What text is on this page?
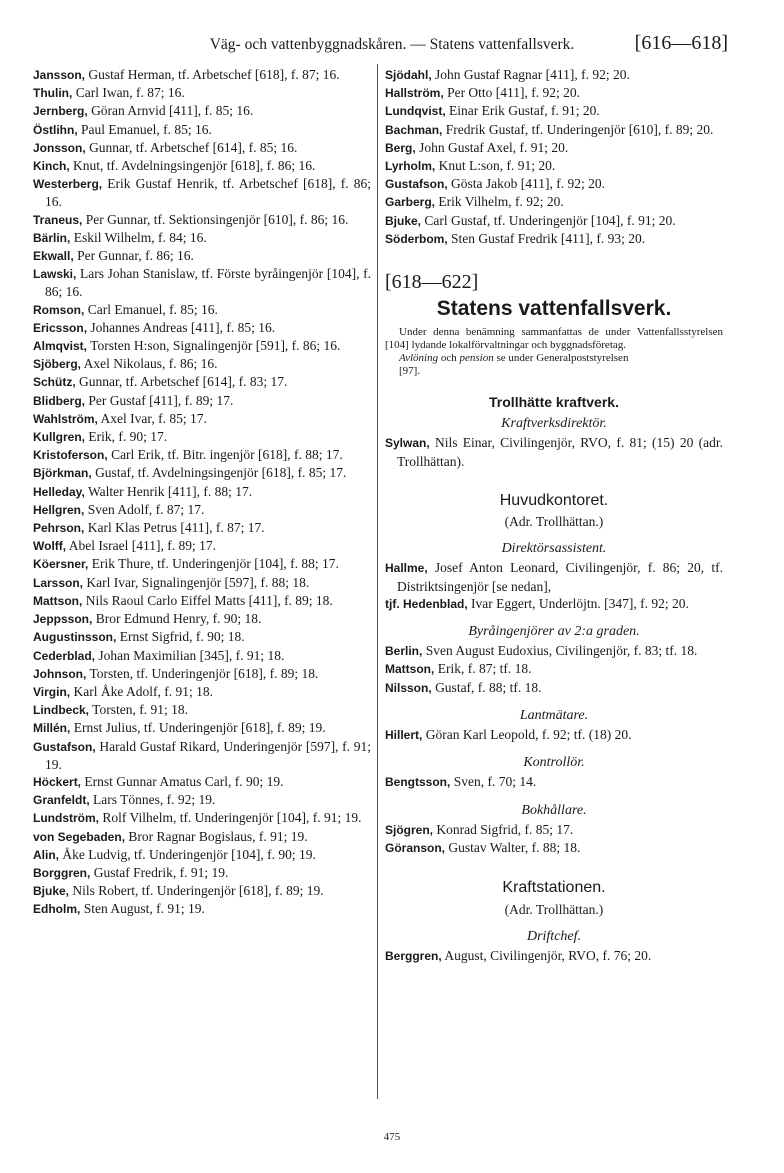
Väg- och vattenbyggnadskåren. — Statens vattenfallsverk.	[616—618]
Jansson, Gustaf Herman, tf. Arbetschef [618], f. 87; 16.
Thulin, Carl Iwan, f. 87; 16.
Jernberg, Göran Arnvid [411], f. 85; 16.
Östlihn, Paul Emanuel, f. 85; 16.
Jonsson, Gunnar, tf. Arbetschef [614], f. 85; 16.
Kinch, Knut, tf. Avdelningsingenjör [618], f. 86; 16.
Westerberg, Erik Gustaf Henrik, tf. Arbetschef [618], f. 86; 16.
Traneus, Per Gunnar, tf. Sektionsingenjör [610], f. 86; 16.
Bärlin, Eskil Wilhelm, f. 84; 16.
Ekwall, Per Gunnar, f. 86; 16.
Lawski, Lars Johan Stanislaw, tf. Förste byråingenjör [104], f. 86; 16.
Romson, Carl Emanuel, f. 85; 16.
Ericsson, Johannes Andreas [411], f. 85; 16.
Almqvist, Torsten H:son, Signalingenjör [591], f. 86; 16.
Sjöberg, Axel Nikolaus, f. 86; 16.
Schütz, Gunnar, tf. Arbetschef [614], f. 83; 17.
Blidberg, Per Gustaf [411], f. 89; 17.
Wahlström, Axel Ivar, f. 85; 17.
Kullgren, Erik, f. 90; 17.
Kristoferson, Carl Erik, tf. Bitr. ingenjör [618], f. 88; 17.
Björkman, Gustaf, tf. Avdelningsingenjör [618], f. 85; 17.
Helleday, Walter Henrik [411], f. 88; 17.
Hellgren, Sven Adolf, f. 87; 17.
Pehrson, Karl Klas Petrus [411], f. 87; 17.
Wolff, Abel Israel [411], f. 89; 17.
Köersner, Erik Thure, tf. Underingenjör [104], f. 88; 17.
Larsson, Karl Ivar, Signalingenjör [597], f. 88; 18.
Mattson, Nils Raoul Carlo Eiffel Matts [411], f. 89; 18.
Jeppsson, Bror Edmund Henry, f. 90; 18.
Augustinsson, Ernst Sigfrid, f. 90; 18.
Cederblad, Johan Maximilian [345], f. 91; 18.
Johnson, Torsten, tf. Underingenjör [618], f. 89; 18.
Virgin, Karl Åke Adolf, f. 91; 18.
Lindbeck, Torsten, f. 91; 18.
Millén, Ernst Julius, tf. Underingenjör [618], f. 89; 19.
Gustafson, Harald Gustaf Rikard, Underingenjör [597], f. 91; 19.
Höckert, Ernst Gunnar Amatus Carl, f. 90; 19.
Granfeldt, Lars Tönnes, f. 92; 19.
Lundström, Rolf Vilhelm, tf. Underingenjör [104], f. 91; 19.
von Segebaden, Bror Ragnar Bogislaus, f. 91; 19.
Alin, Åke Ludvig, tf. Underingenjör [104], f. 90; 19.
Borggren, Gustaf Fredrik, f. 91; 19.
Bjuke, Nils Robert, tf. Underingenjör [618], f. 89; 19.
Edholm, Sten August, f. 91; 19.
Sjödahl, John Gustaf Ragnar [411], f. 92; 20.
Hallström, Per Otto [411], f. 92; 20.
Lundqvist, Einar Erik Gustaf, f. 91; 20.
Bachman, Fredrik Gustaf, tf. Underingenjör [610], f. 89; 20.
Berg, John Gustaf Axel, f. 91; 20.
Lyrholm, Knut L:son, f. 91; 20.
Gustafson, Gösta Jakob [411], f. 92; 20.
Garberg, Erik Vilhelm, f. 92; 20.
Bjuke, Carl Gustaf, tf. Underingenjör [104], f. 91; 20.
Söderbom, Sten Gustaf Fredrik [411], f. 93; 20.
[618—622]
Statens vattenfallsverk.

Under denna benämning sammanfattas de under Vattenfallsstyrelsen [104] lydande lokalförvaltningar och byggnadsföretag.

Avlöning och pension se under Generalpoststyrelsen
[97].

Trollhätte kraftverk.
Kraftverksdirektör.
Sylwan, Nils Einar, Civilingenjör, RVO, f. 81; (15) 20 (adr. Trollhättan).
Huvudkontoret.
(Adr. Trollhättan.)
Direktörsassistent.
Hallme, Josef Anton Leonard, Civilingenjör, f. 86; 20, tf. Distriktsingenjör [se nedan],
tjf. Hedenblad, Ivar Eggert, Underlöjtn. [347], f. 92; 20.
Byråingenjörer av 2:a graden.
Berlin, Sven August Eudoxius, Civilingenjör, f. 83; tf. 18.
Mattson, Erik, f. 87; tf. 18.
Nilsson, Gustaf, f. 88; tf. 18.
Lantmätare.
Hillert, Göran Karl Leopold, f. 92; tf. (18) 20.
Kontrollör.
Bengtsson, Sven, f. 70; 14.
Bokhållare.
Sjögren, Konrad Sigfrid, f. 85; 17.
Göranson, Gustav Walter, f. 88; 18.
Kraftstationen.
(Adr. Trollhättan.)
Driftchef.
Berggren, August, Civilingenjör, RVO, f. 76; 20.
475
